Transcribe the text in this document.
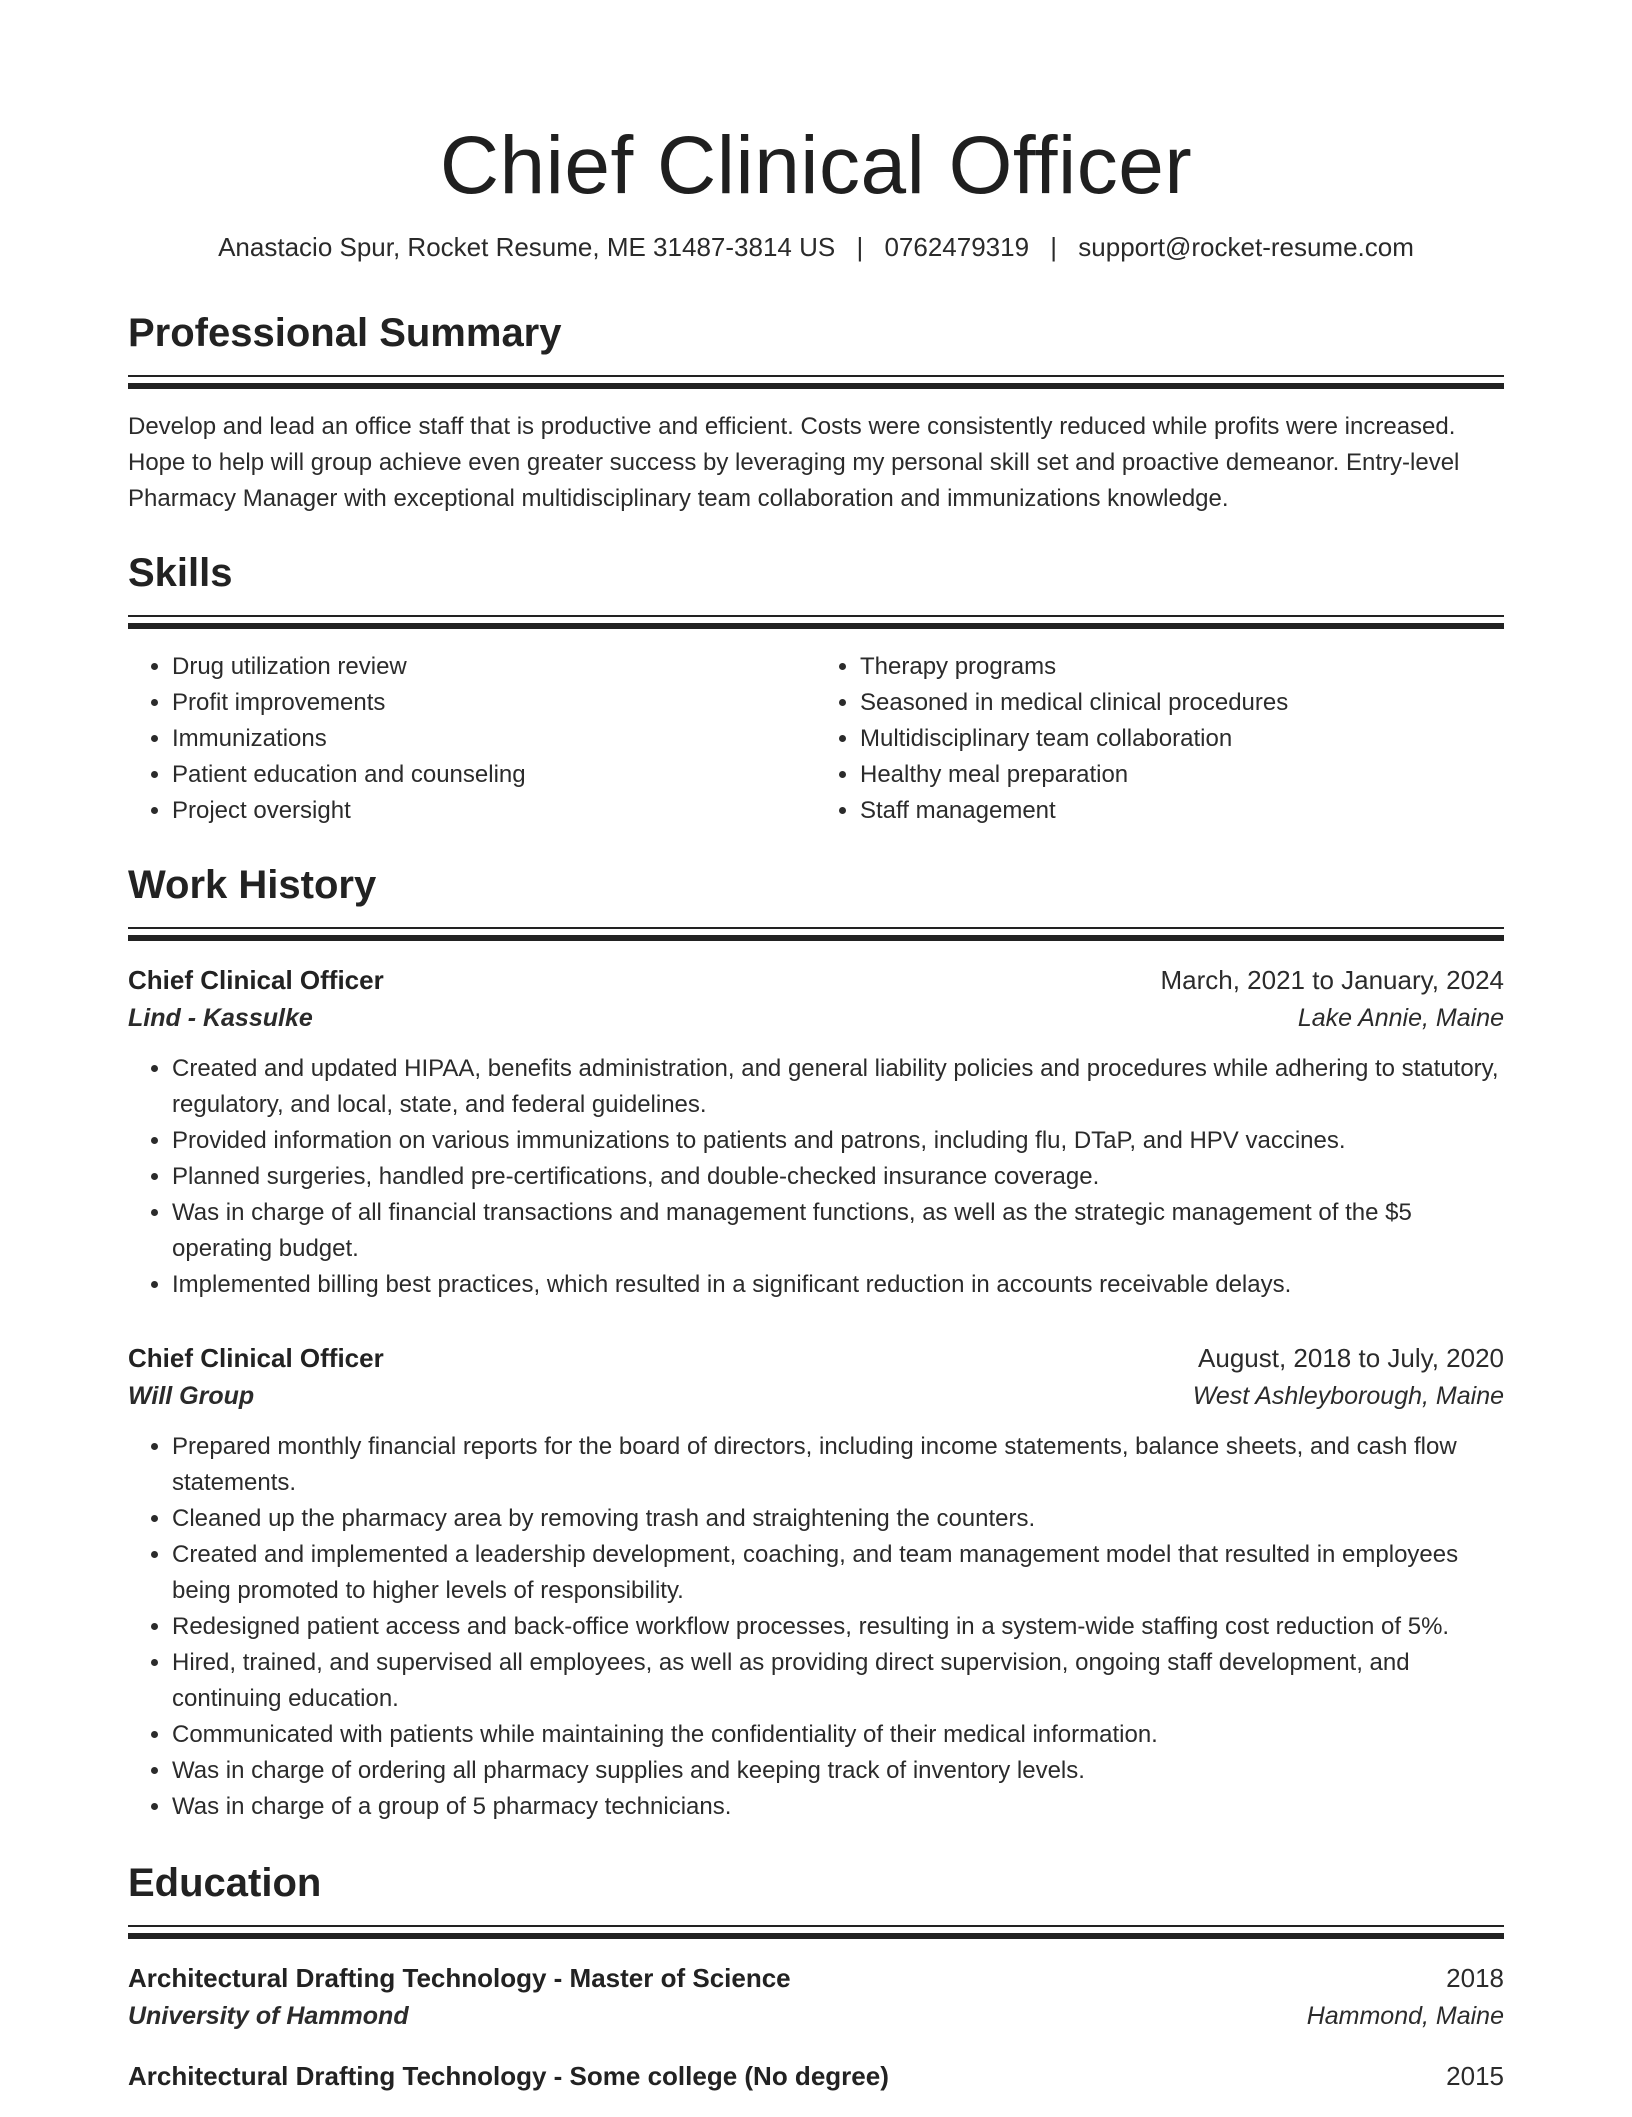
Chief Clinical Officer
Anastacio Spur, Rocket Resume, ME 31487-3814 US | 0762479319 | support@rocket-resume.com
Professional Summary

Develop and lead an office staff that is productive and efficient. Costs were consistently reduced while profits were increased. Hope to help will group achieve even greater success by leveraging my personal skill set and proactive demeanor. Entry-level Pharmacy Manager with exceptional multidisciplinary team collaboration and immunizations knowledge.

Skills
• Drug utilization review
• Profit improvements
• Immunizations
• Patient education and counseling
• Project oversight
• Therapy programs
• Seasoned in medical clinical procedures
• Multidisciplinary team collaboration
• Healthy meal preparation
• Staff management
Work History
Chief Clinical Officer	March, 2021 to January, 2024
Lind - Kassulke	Lake Annie, Maine
• Created and updated HIPAA, benefits administration, and general liability policies and procedures while adhering to statutory, regulatory, and local, state, and federal guidelines.
• Provided information on various immunizations to patients and patrons, including flu, DTaP, and HPV vaccines.
• Planned surgeries, handled pre-certifications, and double-checked insurance coverage.
• Was in charge of all financial transactions and management functions, as well as the strategic management of the $5 operating budget.
• Implemented billing best practices, which resulted in a significant reduction in accounts receivable delays.
Chief Clinical Officer	August, 2018 to July, 2020
Will Group	West Ashleyborough, Maine
• Prepared monthly financial reports for the board of directors, including income statements, balance sheets, and cash flow statements.
• Cleaned up the pharmacy area by removing trash and straightening the counters.
• Created and implemented a leadership development, coaching, and team management model that resulted in employees being promoted to higher levels of responsibility.
• Redesigned patient access and back-office workflow processes, resulting in a system-wide staffing cost reduction of 5%.
• Hired, trained, and supervised all employees, as well as providing direct supervision, ongoing staff development, and continuing education.
• Communicated with patients while maintaining the confidentiality of their medical information.
• Was in charge of ordering all pharmacy supplies and keeping track of inventory levels.
• Was in charge of a group of 5 pharmacy technicians.
Education
Architectural Drafting Technology - Master of Science	2018
University of Hammond	Hammond, Maine
Architectural Drafting Technology - Some college (No degree)	2015
